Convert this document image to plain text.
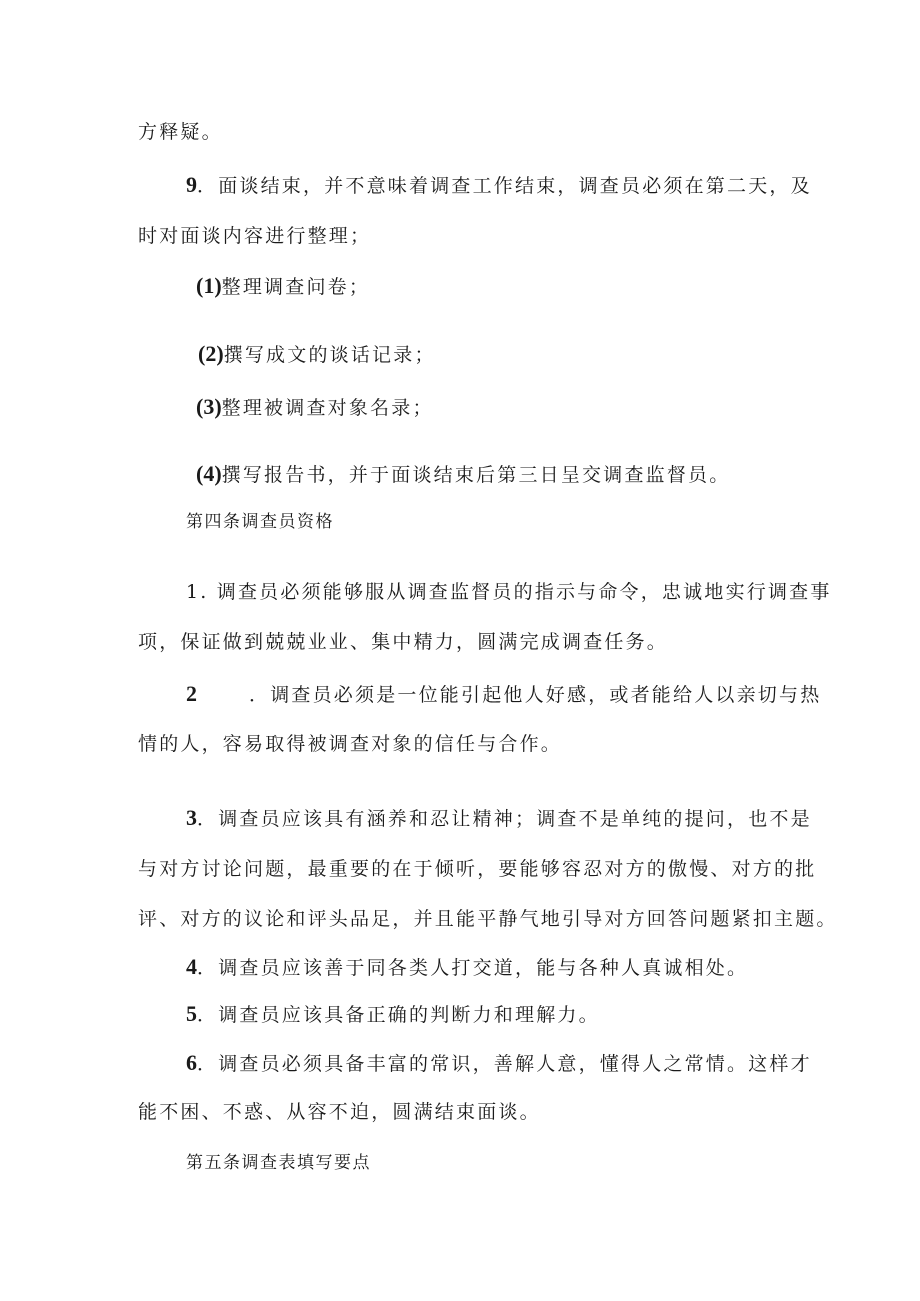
方释疑。
9．面谈结束，并不意味着调查工作结束，调查员必须在第二天，及
时对面谈内容进行整理；
(1)整理调查问卷；
(2)撰写成文的谈话记录；
(3)整理被调查对象名录；
(4)撰写报告书，并于面谈结束后第三日呈交调查监督员。
第四条调查员资格
1. 调查员必须能够服从调查监督员的指示与命令，忠诚地实行调查事
项，保证做到兢兢业业、集中精力，圆满完成调查任务。
2	．调查员必须是一位能引起他人好感，或者能给人以亲切与热
情的人，容易取得被调查对象的信任与合作。
3．调查员应该具有涵养和忍让精神；调查不是单纯的提问，也不是
与对方讨论问题，最重要的在于倾听，要能够容忍对方的傲慢、对方的批
评、对方的议论和评头品足，并且能平静气地引导对方回答问题紧扣主题。
4．调查员应该善于同各类人打交道，能与各种人真诚相处。
5．调查员应该具备正确的判断力和理解力。
6．调查员必须具备丰富的常识，善解人意，懂得人之常情。这样才
能不困、不惑、从容不迫，圆满结束面谈。
第五条调查表填写要点
